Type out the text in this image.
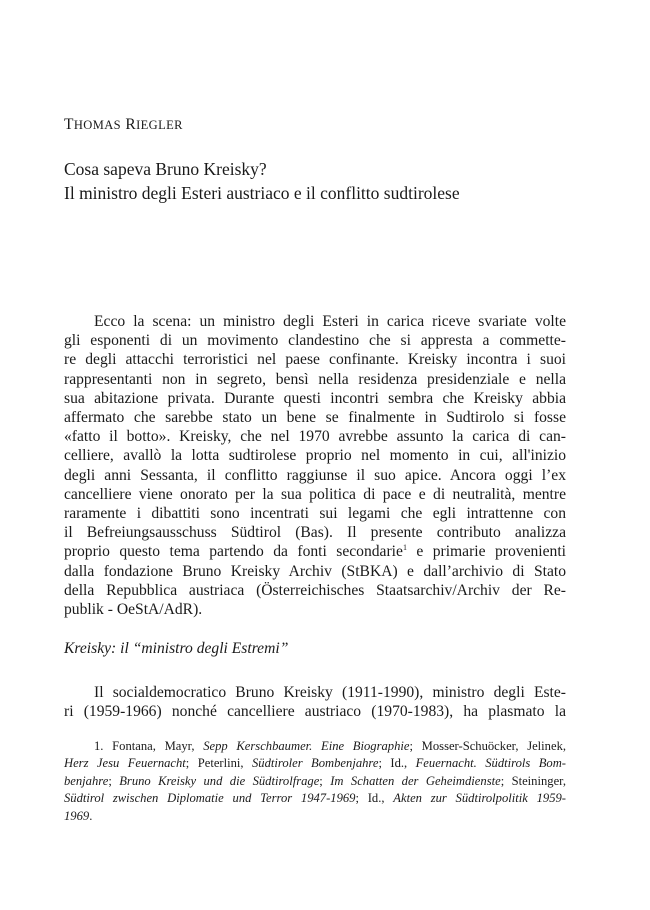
THOMAS RIEGLER
Cosa sapeva Bruno Kreisky?
Il ministro degli Esteri austriaco e il conflitto sudtirolese
Ecco la scena: un ministro degli Esteri in carica riceve svariate volte
gli esponenti di un movimento clandestino che si appresta a commette-
re degli attacchi terroristici nel paese confinante. Kreisky incontra i suoi
rappresentanti non in segreto, bensì nella residenza presidenziale e nella
sua abitazione privata. Durante questi incontri sembra che Kreisky abbia
affermato che sarebbe stato un bene se finalmente in Sudtirolo si fosse
«fatto il botto». Kreisky, che nel 1970 avrebbe assunto la carica di can-
celliere, avallò la lotta sudtirolese proprio nel momento in cui, all'inizio
degli anni Sessanta, il conflitto raggiunse il suo apice. Ancora oggi l’ex
cancelliere viene onorato per la sua politica di pace e di neutralità, mentre
raramente i dibattiti sono incentrati sui legami che egli intrattenne con
il Befreiungsausschuss Südtirol (Bas). Il presente contributo analizza
proprio questo tema partendo da fonti secondarie$^1$ e primarie provenienti
dalla fondazione Bruno Kreisky Archiv (StBKA) e dall’archivio di Stato
della Repubblica austriaca (Österreichisches Staatsarchiv/Archiv der Re-
publik - OeStA/AdR).
Kreisky: il “ministro degli Estremi”
Il socialdemocratico Bruno Kreisky (1911-1990), ministro degli Este-
ri (1959-1966) nonché cancelliere austriaco (1970-1983), ha plasmato la
1. Fontana, Mayr, Sepp Kerschbaumer. Eine Biographie; Mosser-Schuöcker, Jelinek,
Herz Jesu Feuernacht; Peterlini, Südtiroler Bombenjahre; Id., Feuernacht. Südtirols Bom-
benjahre; Bruno Kreisky und die Südtirolfrage; Im Schatten der Geheimdienste; Steininger,
Südtirol zwischen Diplomatie und Terror 1947-1969; Id., Akten zur Südtirolpolitik 1959-
1969.
